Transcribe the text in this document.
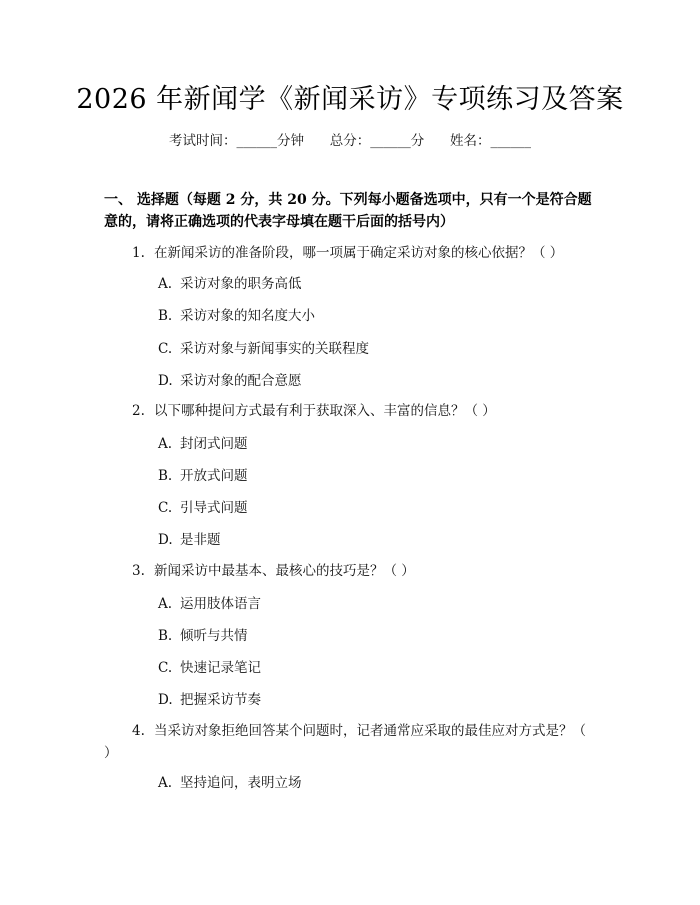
2026 年新闻学《新闻采访》专项练习及答案
考试时间：______分钟      总分：______分      姓名：______
一、 选择题（每题 2 分，共 20 分。下列每小题备选项中，只有一个是符合题意的，请将正确选项的代表字母填在题干后面的括号内）
1. 在新闻采访的准备阶段，哪一项属于确定采访对象的核心依据？（ ）
A. 采访对象的职务高低
B. 采访对象的知名度大小
C. 采访对象与新闻事实的关联程度
D. 采访对象的配合意愿
2. 以下哪种提问方式最有利于获取深入、丰富的信息？（ ）
A. 封闭式问题
B. 开放式问题
C. 引导式问题
D. 是非题
3. 新闻采访中最基本、最核心的技巧是？（ ）
A. 运用肢体语言
B. 倾听与共情
C. 快速记录笔记
D. 把握采访节奏
4. 当采访对象拒绝回答某个问题时，记者通常应采取的最佳应对方式是？（ ）
A. 坚持追问，表明立场
